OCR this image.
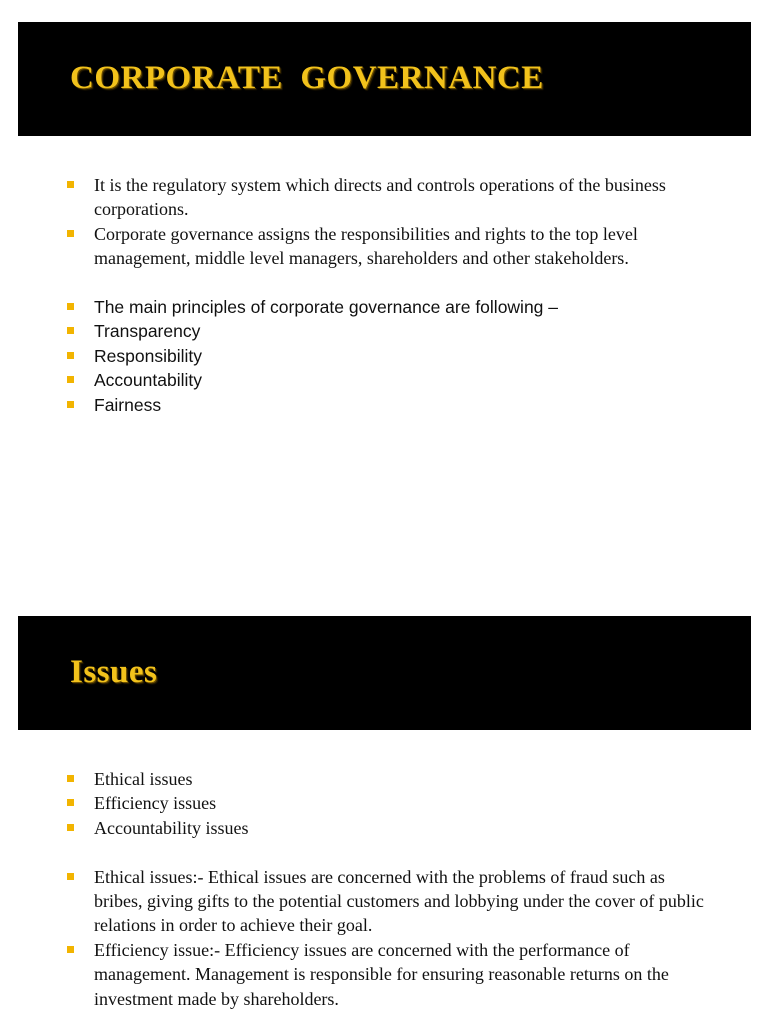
CORPORATE  GOVERNANCE
It is the regulatory system which directs and controls operations of the business corporations.
Corporate governance assigns the responsibilities and rights to the top level management, middle level managers, shareholders and other stakeholders.
The main principles of corporate governance are following –
Transparency
Responsibility
Accountability
Fairness
Issues
Ethical issues
Efficiency issues
Accountability issues
Ethical issues:- Ethical issues are concerned with the problems of fraud such as bribes, giving gifts to the potential customers and lobbying under the cover of public relations in order to achieve their goal.
Efficiency issue:- Efficiency issues are concerned with the performance of management. Management is responsible for ensuring reasonable returns on the investment made by shareholders.
